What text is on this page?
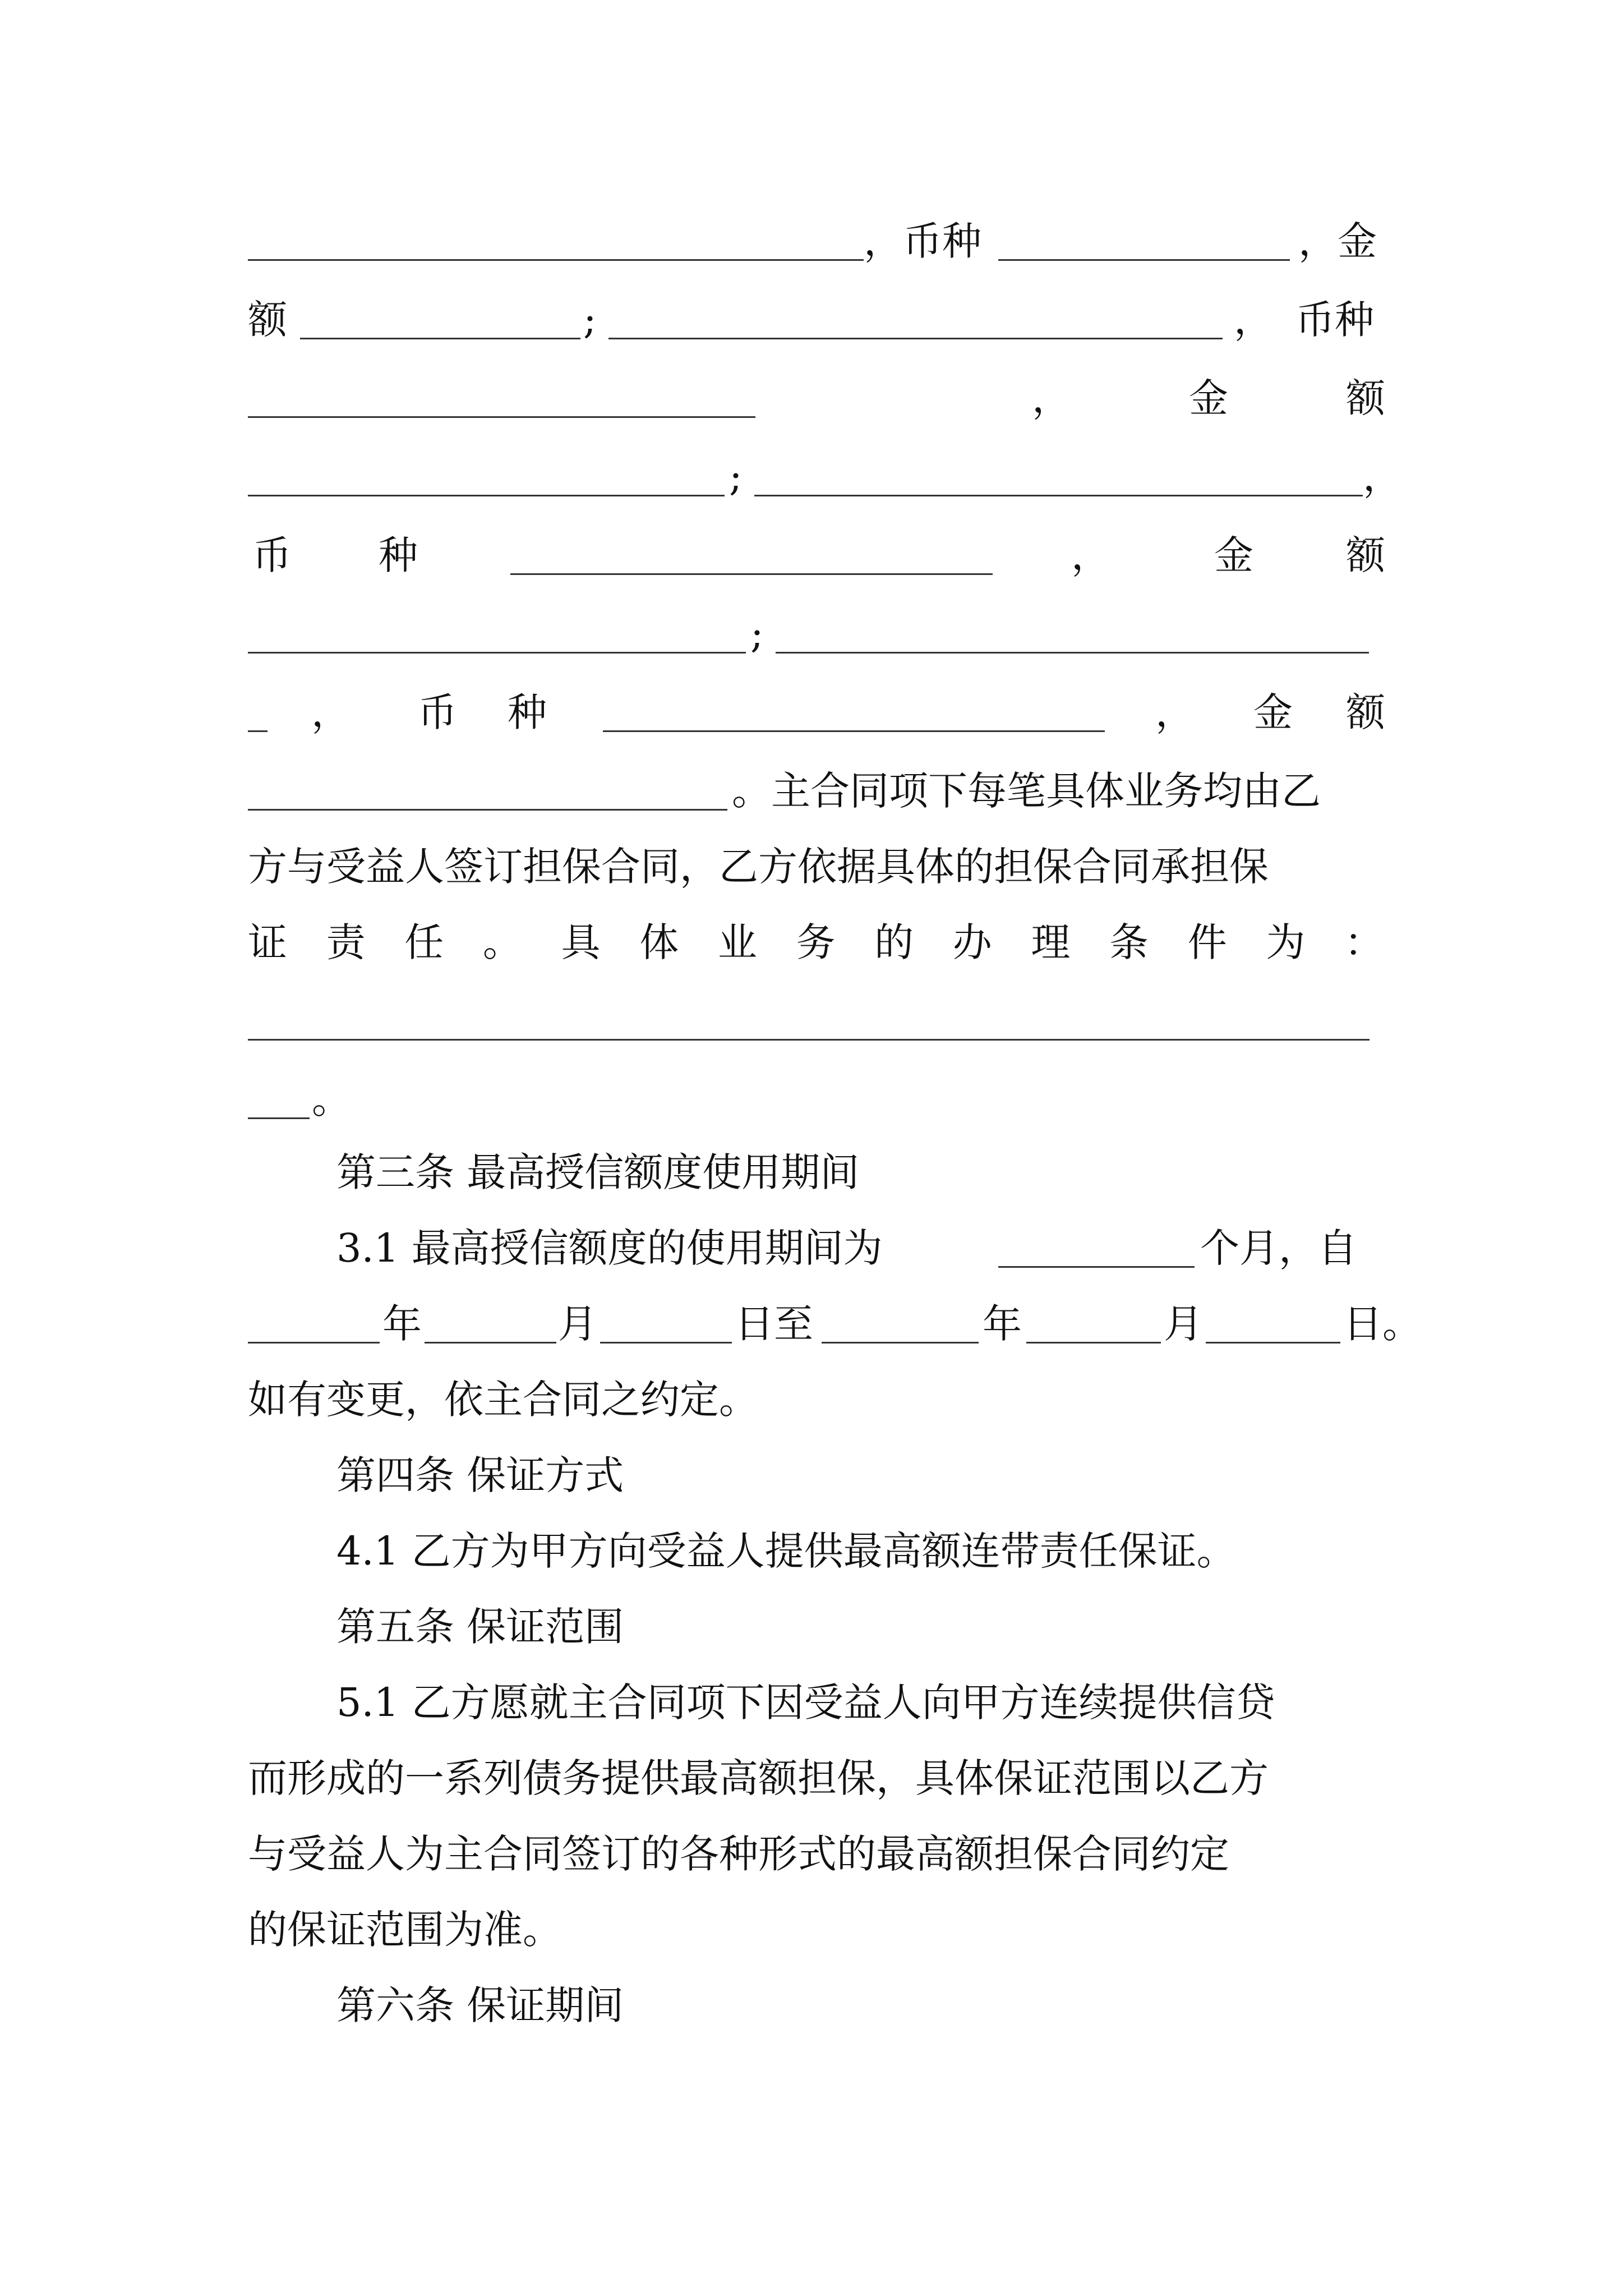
，币种	，金
额	;	， 币种
，	金	额
;	，
币 种	，	金 额
;
， 币 种	， 金 额
。主合同项下每笔具体业务均由乙
方与受益人签订担保合同，乙方依据具体的担保合同承担保
证 责 任 。 具 体 业 务 的 办 理 条 件 为 ：
。
第三条 最高授信额度使用期间
3.1 最高授信额度的使用期间为	个月，自
年	月	日至	年	月	日。
如有变更，依主合同之约定。
第四条 保证方式
4.1 乙方为甲方向受益人提供最高额连带责任保证。
第五条 保证范围
5.1 乙方愿就主合同项下因受益人向甲方连续提供信贷
而形成的一系列债务提供最高额担保，具体保证范围以乙方
与受益人为主合同签订的各种形式的最高额担保合同约定
的保证范围为准。
第六条 保证期间
